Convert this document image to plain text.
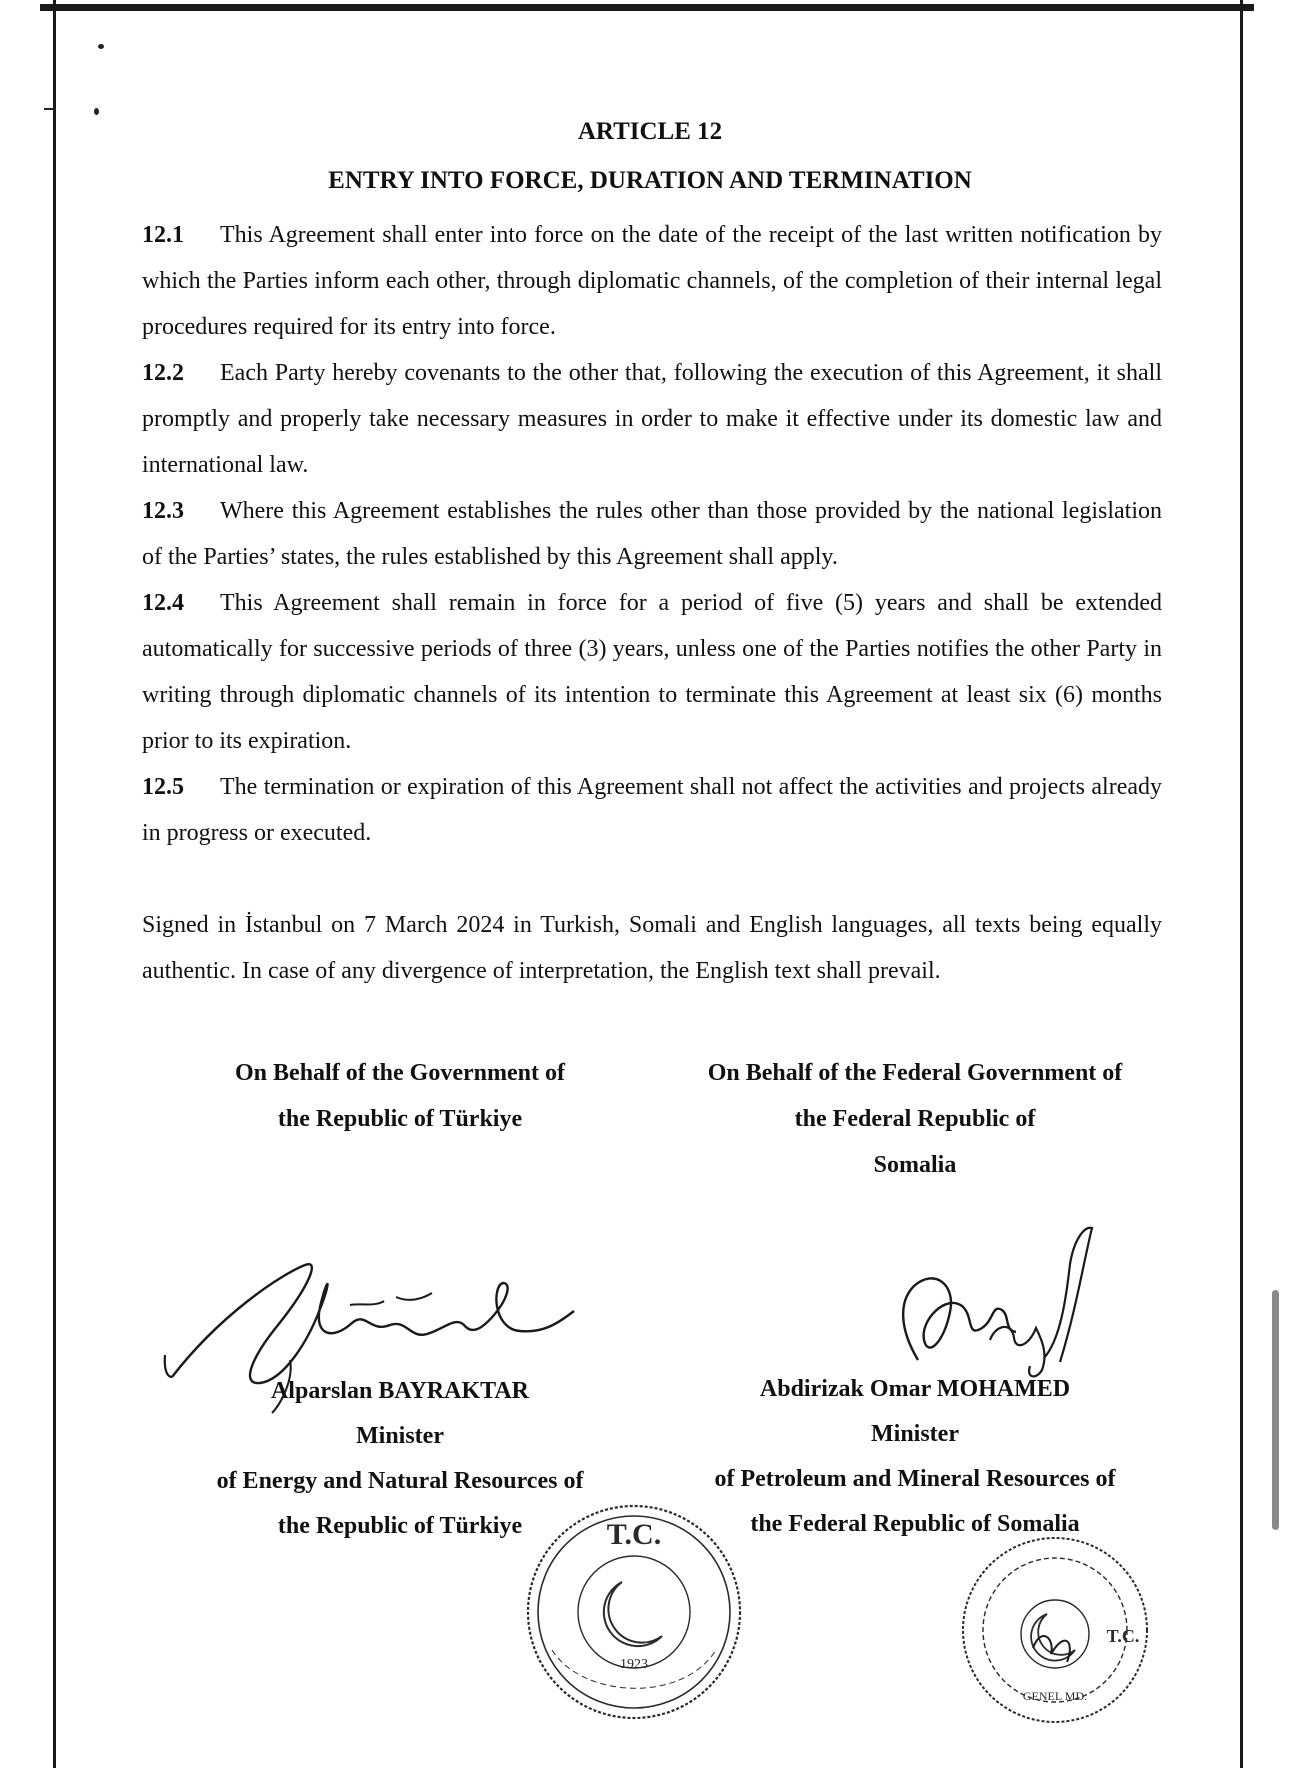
ARTICLE 12
ENTRY INTO FORCE, DURATION AND TERMINATION
12.1 This Agreement shall enter into force on the date of the receipt of the last written notification by which the Parties inform each other, through diplomatic channels, of the completion of their internal legal procedures required for its entry into force.
12.2 Each Party hereby covenants to the other that, following the execution of this Agreement, it shall promptly and properly take necessary measures in order to make it effective under its domestic law and international law.
12.3 Where this Agreement establishes the rules other than those provided by the national legislation of the Parties’ states, the rules established by this Agreement shall apply.
12.4 This Agreement shall remain in force for a period of five (5) years and shall be extended automatically for successive periods of three (3) years, unless one of the Parties notifies the other Party in writing through diplomatic channels of its intention to terminate this Agreement at least six (6) months prior to its expiration.
12.5 The termination or expiration of this Agreement shall not affect the activities and projects already in progress or executed.
Signed in İstanbul on 7 March 2024 in Turkish, Somali and English languages, all texts being equally authentic. In case of any divergence of interpretation, the English text shall prevail.
On Behalf of the Government of
the Republic of Türkiye
On Behalf of the Federal Government of
the Federal Republic of
Somalia
Alparslan BAYRAKTAR
Minister
of Energy and Natural Resources of
the Republic of Türkiye
Abdirizak Omar MOHAMED
Minister
of Petroleum and Mineral Resources of
the Federal Republic of Somalia
T.C.
1923
GENEL MD.
T.C.
